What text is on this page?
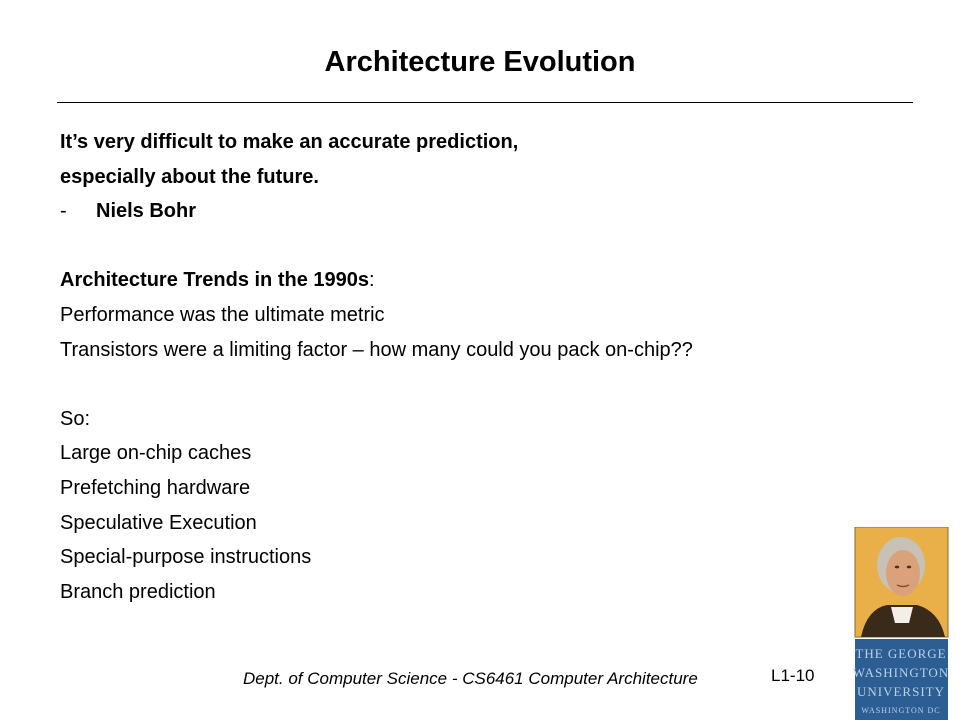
Architecture Evolution
It’s very difficult to make an accurate prediction,
especially about the future.
-	Niels Bohr
Architecture Trends in the 1990s:
Performance was the ultimate metric
Transistors were a limiting factor – how many could you pack on-chip??
So:
Large on-chip caches
Prefetching hardware
Speculative Execution
Special-purpose instructions
Branch prediction
Dept. of Computer Science - CS6461 Computer Architecture	L1-10
THE GEORGE
WASHINGTON
UNIVERSITY
WASHINGTON DC
